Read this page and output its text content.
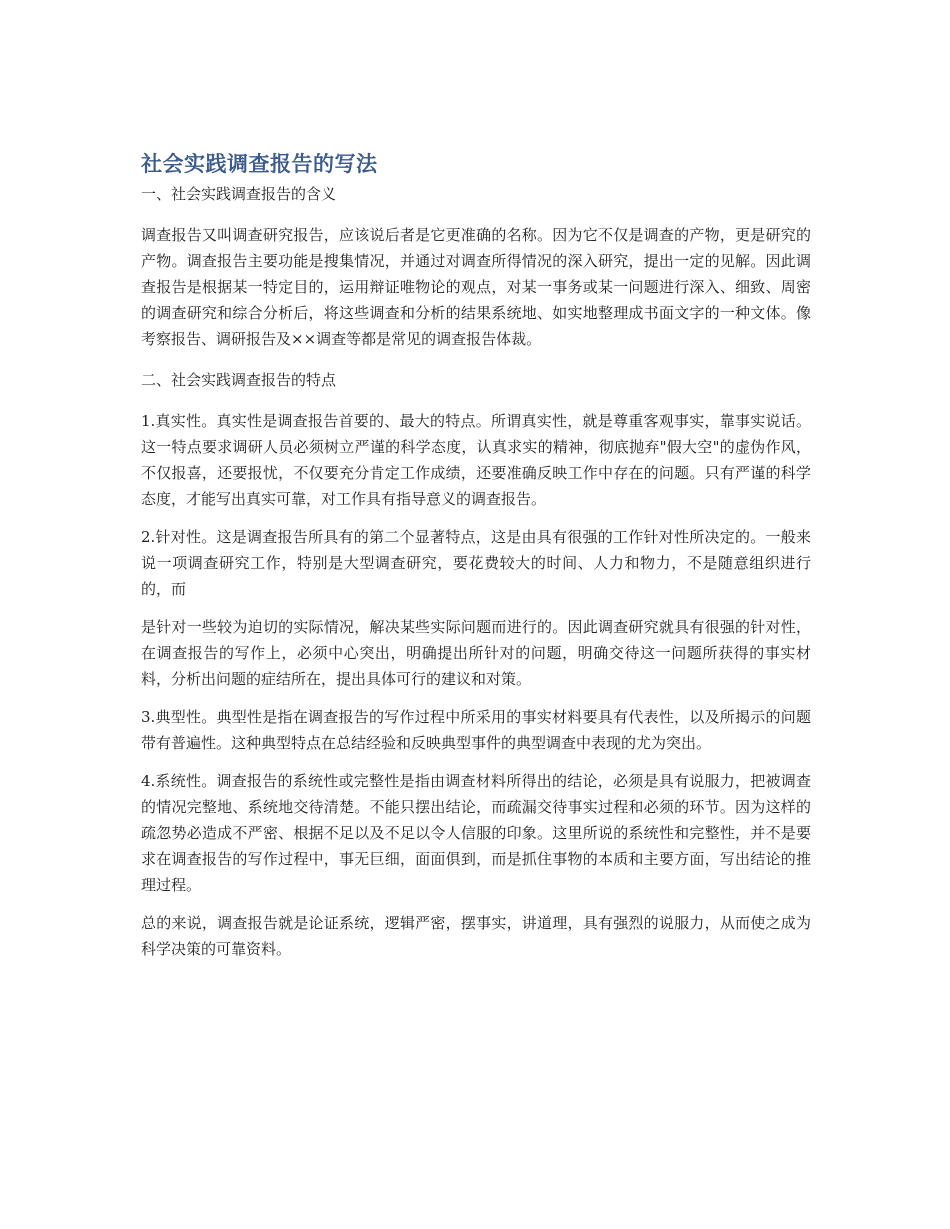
社会实践调查报告的写法
一、社会实践调查报告的含义

调查报告又叫调查研究报告，应该说后者是它更准确的名称。因为它不仅是调查的产物，更是研究的产物。调查报告主要功能是搜集情况，并通过对调查所得情况的深入研究，提出一定的见解。因此调查报告是根据某一特定目的，运用辩证唯物论的观点，对某一事务或某一问题进行深入、细致、周密的调查研究和综合分析后，将这些调查和分析的结果系统地、如实地整理成书面文字的一种文体。像考察报告、调研报告及××调查等都是常见的调查报告体裁。

二、社会实践调查报告的特点

1.真实性。真实性是调查报告首要的、最大的特点。所谓真实性，就是尊重客观事实，靠事实说话。这一特点要求调研人员必须树立严谨的科学态度，认真求实的精神，彻底抛弃"假大空"的虚伪作风，不仅报喜，还要报忧，不仅要充分肯定工作成绩，还要准确反映工作中存在的问题。只有严谨的科学态度，才能写出真实可靠，对工作具有指导意义的调查报告。

2.针对性。这是调查报告所具有的第二个显著特点，这是由具有很强的工作针对性所决定的。一般来说一项调查研究工作，特别是大型调查研究，要花费较大的时间、人力和物力，不是随意组织进行的，而

是针对一些较为迫切的实际情况，解决某些实际问题而进行的。因此调查研究就具有很强的针对性，在调查报告的写作上，必须中心突出，明确提出所针对的问题，明确交待这一问题所获得的事实材料，分析出问题的症结所在，提出具体可行的建议和对策。

3.典型性。典型性是指在调查报告的写作过程中所采用的事实材料要具有代表性，以及所揭示的问题带有普遍性。这种典型特点在总结经验和反映典型事件的典型调查中表现的尤为突出。

4.系统性。调查报告的系统性或完整性是指由调查材料所得出的结论，必须是具有说服力，把被调查的情况完整地、系统地交待清楚。不能只摆出结论，而疏漏交待事实过程和必须的环节。因为这样的疏忽势必造成不严密、根据不足以及不足以令人信服的印象。这里所说的系统性和完整性，并不是要求在调查报告的写作过程中，事无巨细，面面俱到，而是抓住事物的本质和主要方面，写出结论的推理过程。

总的来说，调查报告就是论证系统，逻辑严密，摆事实，讲道理，具有强烈的说服力，从而使之成为科学决策的可靠资料。
